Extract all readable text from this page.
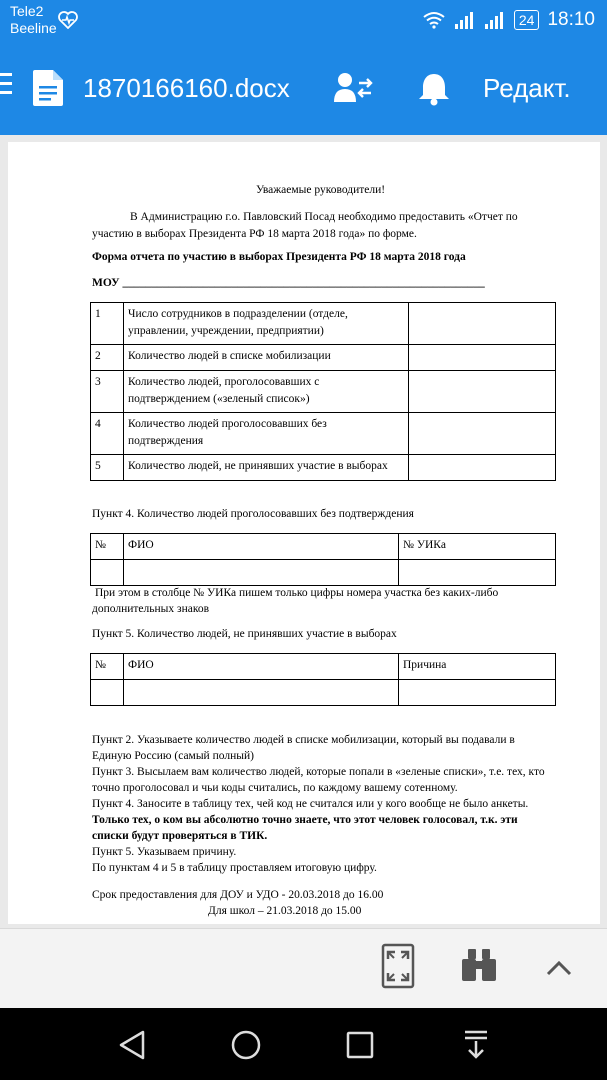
Tele2
Beeline	24 18:10
1870166160.docx	Редакт.

Уважаемые руководители!

В Администрацию г.о. Павловский Посад необходимо предоставить «Отчет по участию в выборах Президента РФ 18 марта 2018 года» по форме.

Форма отчета по участию в выборах Президента РФ 18 марта 2018 года

МОУ _______________________________________________________________

1	Число сотрудников в подразделении (отделе, управлении, учреждении, предприятии)	
2	Количество людей в списке мобилизации	
3	Количество людей, проголосовавших с подтверждением («зеленый список»)	
4	Количество людей проголосовавших без подтверждения	
5	Количество людей, не принявших участие в выборах	

Пункт 4. Количество людей проголосовавших без подтверждения

№	ФИО	№ УИКа

При этом в столбце № УИКа пишем только цифры номера участка без каких-либо дополнительных знаков

Пункт 5. Количество людей, не принявших участие в выборах

№	ФИО	Причина

Пункт 2. Указываете количество людей в списке мобилизации, который вы подавали в Единую Россию (самый полный)

Пункт 3. Высылаем вам количество людей, которые попали в «зеленые списки», т.е. тех, кто точно проголосовал и чьи коды считались, по каждому вашему сотенному.

Пункт 4. Заносите в таблицу тех, чей код не считался или у кого вообще не было анкеты.

Только тех, о ком вы абсолютно точно знаете, что этот человек голосовал, т.к. эти списки будут проверяться в ТИК.

Пункт 5. Указываем причину.

По пунктам 4 и 5 в таблицу проставляем итоговую цифру.

Срок предоставления для ДОУ и УДО - 20.03.2018 до 16.00

Для школ – 21.03.2018 до 15.00
